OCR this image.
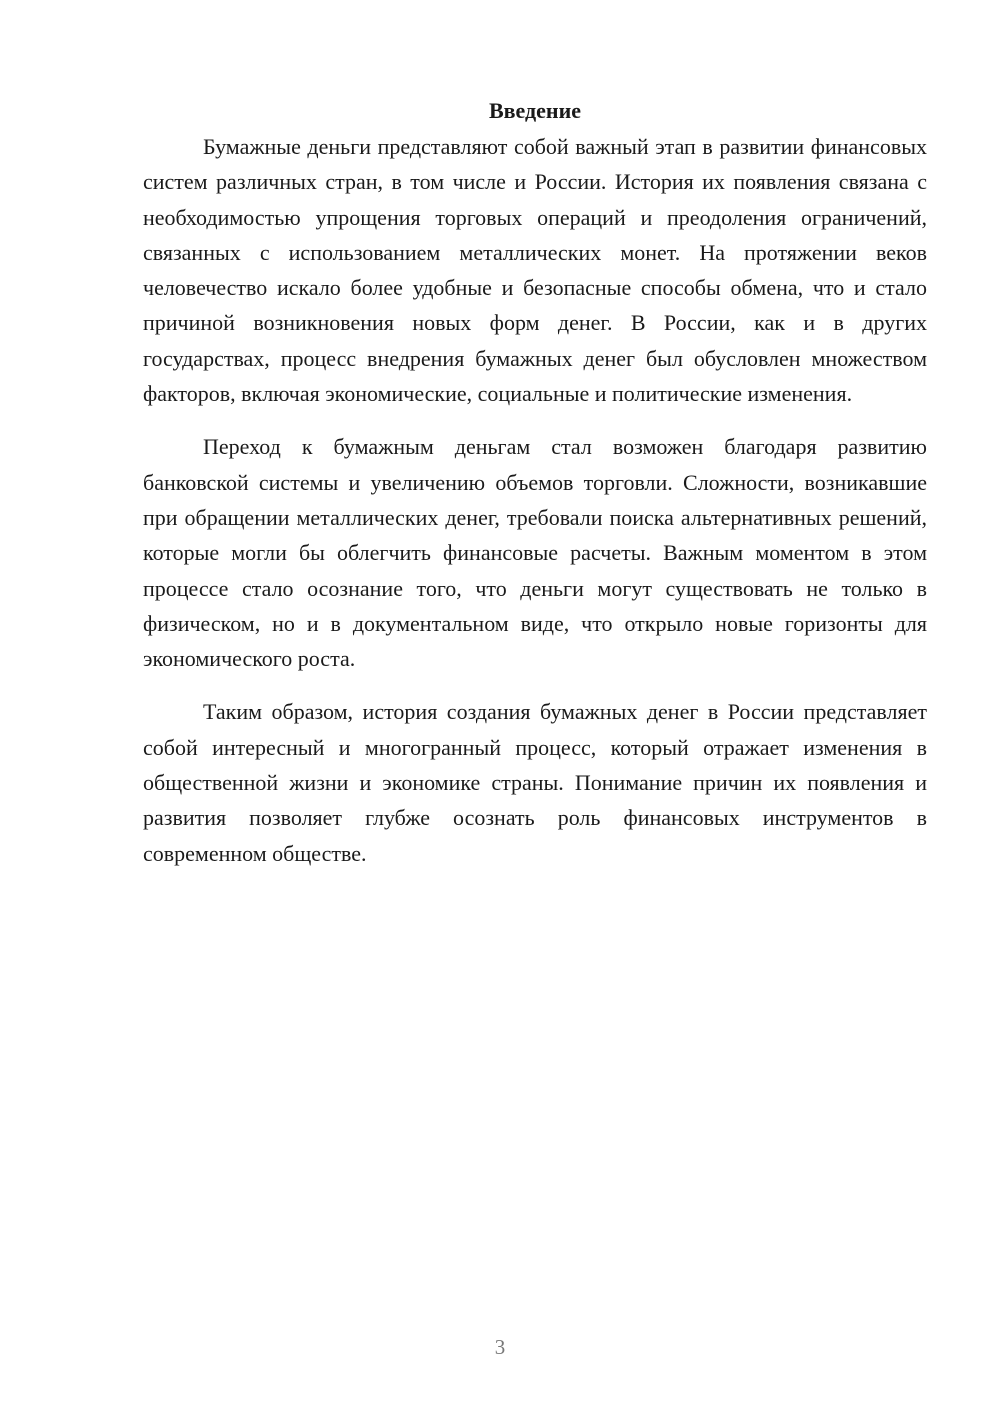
Введение

Бумажные деньги представляют собой важный этап в развитии финансовых систем различных стран, в том числе и России. История их появления связана с необходимостью упрощения торговых операций и преодоления ограничений, связанных с использованием металлических монет. На протяжении веков человечество искало более удобные и безопасные способы обмена, что и стало причиной возникновения новых форм денег. В России, как и в других государствах, процесс внедрения бумажных денег был обусловлен множеством факторов, включая экономические, социальные и политические изменения.

Переход к бумажным деньгам стал возможен благодаря развитию банковской системы и увеличению объемов торговли. Сложности, возникавшие при обращении металлических денег, требовали поиска альтернативных решений, которые могли бы облегчить финансовые расчеты. Важным моментом в этом процессе стало осознание того, что деньги могут существовать не только в физическом, но и в документальном виде, что открыло новые горизонты для экономического роста.

Таким образом, история создания бумажных денег в России представляет собой интересный и многогранный процесс, который отражает изменения в общественной жизни и экономике страны. Понимание причин их появления и развития позволяет глубже осознать роль финансовых инструментов в современном обществе.

3
